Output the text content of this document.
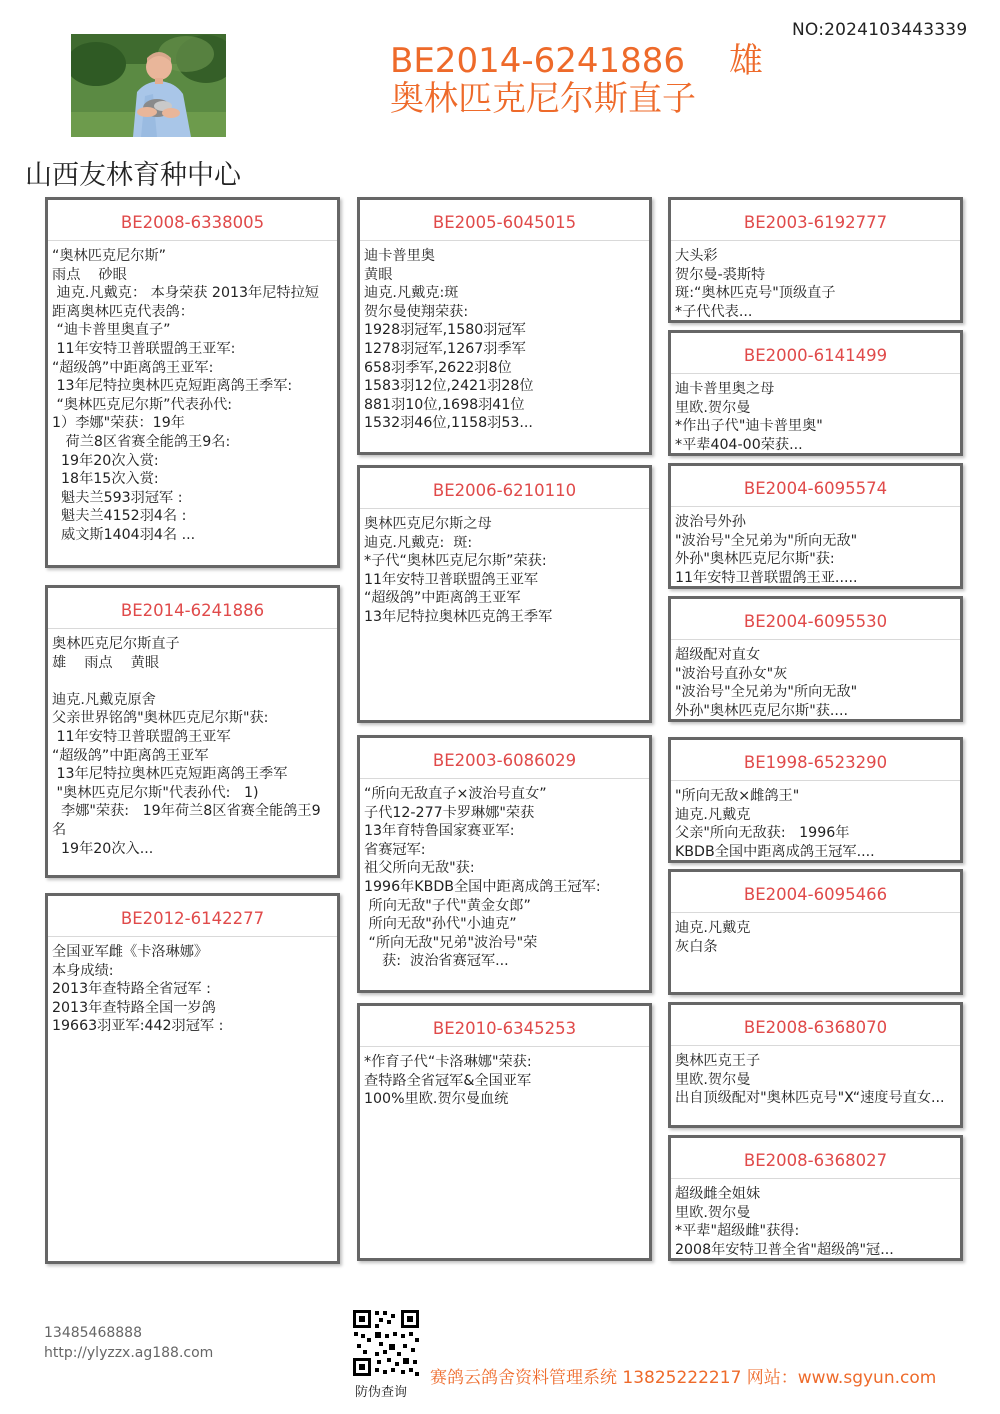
NO:2024103443339
BE2014-6241886 雄
奥林匹克尼尔斯直子
山西友林育种中心
BE2008-6338005
“奥林匹克尼尔斯”
雨点    砂眼
迪克.凡戴克： 本身荣获 2013年尼特拉短距离奥林匹克代表鸽：
“迪卡普里奥直子”
11年安特卫普联盟鸽王亚军:
“超级鸽”中距离鸽王亚军:
13年尼特拉奥林匹克短距离鸽王季军:
“奥林匹克尼尔斯”代表孙代:
1）李娜"荣获：19年
荷兰8区省赛全能鸽王9名:
19年20次入赏:
18年15次入赏:
魁夫兰593羽冠军 :
魁夫兰4152羽4名 :
威文斯1404羽4名 ...
BE2014-6241886
奥林匹克尼尔斯直子
雄    雨点    黄眼

迪克.凡戴克原舍
父亲世界铭鸽"奥林匹克尼尔斯"获:
11年安特卫普联盟鸽王亚军
“超级鸽”中距离鸽王亚军
13年尼特拉奥林匹克短距离鸽王季军
"奥林匹克尼尔斯"代表孙代:   1)
李娜"荣获:   19年荷兰8区省赛全能鸽王9名
19年20次入...
BE2012-6142277
全国亚军雌《卡洛琳娜》
本身成绩:
2013年查特路全省冠军 :
2013年查特路全国一岁鸽
19663羽亚军:442羽冠军 :
BE2005-6045015
迪卡普里奥
黄眼
迪克.凡戴克:斑
贺尔曼使翔荣获:
1928羽冠军,1580羽冠军
1278羽冠军,1267羽季军
658羽季军,2622羽8位
1583羽12位,2421羽28位
881羽10位,1698羽41位
1532羽46位,1158羽53...
BE2006-6210110
奥林匹克尼尔斯之母
迪克.凡戴克:  斑:
*子代“奥林匹克尼尔斯”荣获:
11年安特卫普联盟鸽王亚军
“超级鸽”中距离鸽王亚军
13年尼特拉奥林匹克鸽王季军
BE2003-6086029
“所向无敌直子×波治号直女”
子代12-277卡罗琳娜"荣获
13年育特鲁国家赛亚军:
省赛冠军:
祖父所向无敌"获:
1996年KBDB全国中距离成鸽王冠军:
所向无敌"子代"黄金女郎”
所向无敌"孙代"小迪克”
“所向无敌"兄弟"波治号"荣
获:  波治省赛冠军...
BE2010-6345253
*作育子代“卡洛琳娜"荣获:
查特路全省冠军&全国亚军
100%里欧.贺尔曼血统
BE2003-6192777
大头彩
贺尔曼-裘斯特
斑:“奥林匹克号"顶级直子
*子代代表...
BE2000-6141499
迪卡普里奥之母
里欧.贺尔曼
*作出子代"迪卡普里奥"
*平辈404-00荣获...
BE2004-6095574
波治号外孙
"波治号"全兄弟为"所向无敌"
外孙"奥林匹克尼尔斯"获:
11年安特卫普联盟鸽王亚.....
BE2004-6095530
超级配对直女
"波治号直孙女"灰
"波治号"全兄弟为"所向无敌"
外孙"奥林匹克尼尔斯"获....
BE1998-6523290
"所向无敌×雌鸽王"
迪克.凡戴克
父亲"所向无敌获:   1996年
KBDB全国中距离成鸽王冠军....
BE2004-6095466
迪克.凡戴克
灰白条
BE2008-6368070
奥林匹克王子
里欧.贺尔曼
出自顶级配对"奥林匹克号"X“速度号直女...
BE2008-6368027
超级雌全姐妹
里欧.贺尔曼
*平辈"超级雌"获得:
2008年安特卫普全省"超级鸽"冠...
13485468888
http://ylyzzx.ag188.com
防伪查询
赛鸽云鸽舍资料管理系统 13825222217 网站：www.sgyun.com
